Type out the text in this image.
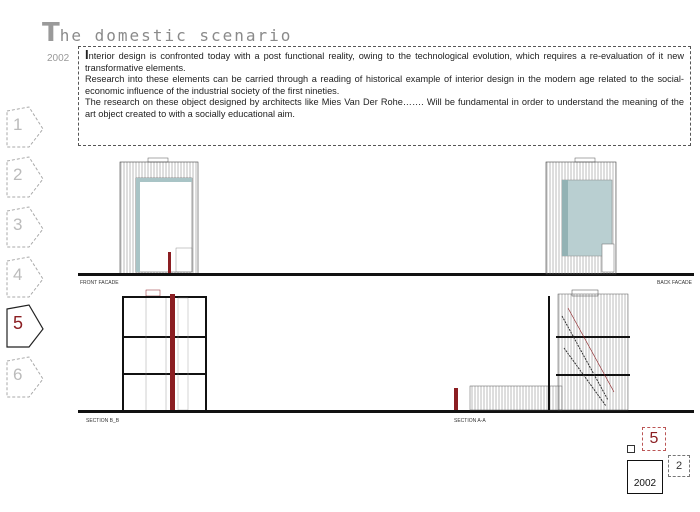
The domestic scenario
2002 Interior design is confronted today with a post functional reality, owing to the technological evolution, which requires a re-evaluation of it new transformative elements.

Research into these elements can be carried through a reading of historical example of interior design in the modern age related to the social-economic influence of the industrial society of the first nineties.

The research on these object designed by architects like Mies Van Der Rohe……. Will be fundamental in order to understand the meaning of the art object created to with a socially educational aim.

1
2
3
4
5
6
FRONT FACADE	BACK FACADE
SECTION B_B	SECTION A-A
5
2
2002
